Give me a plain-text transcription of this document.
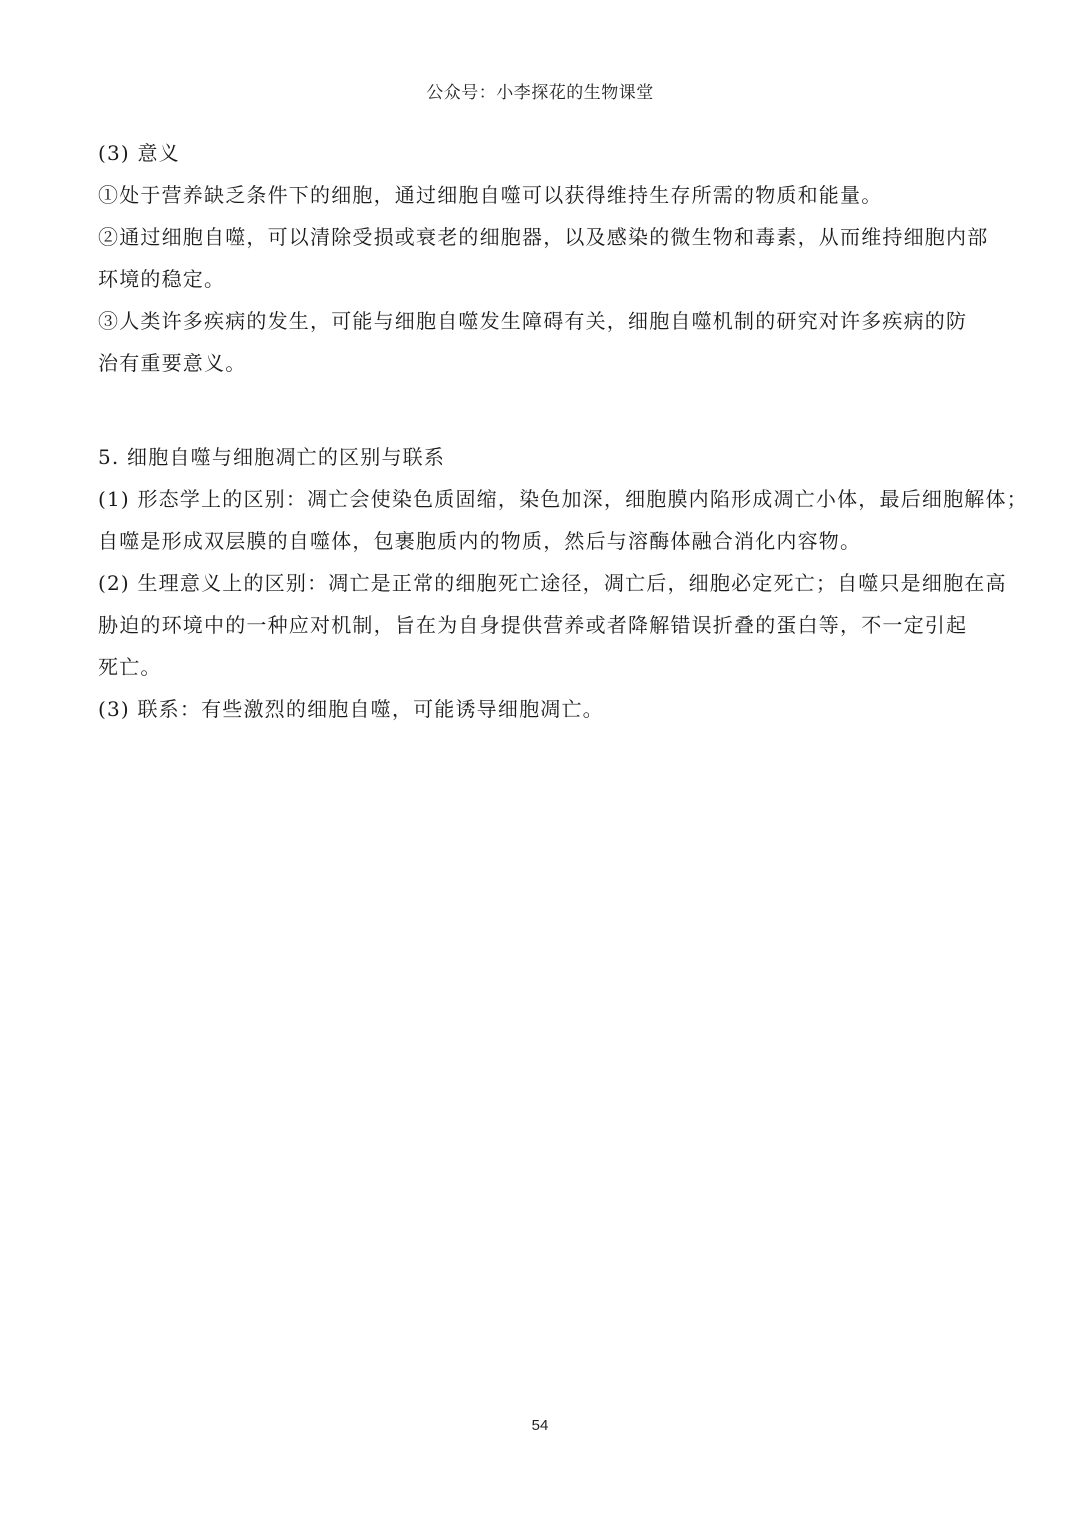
公众号：小李探花的生物课堂
(3) 意义
①处于营养缺乏条件下的细胞，通过细胞自噬可以获得维持生存所需的物质和能量。
②通过细胞自噬，可以清除受损或衰老的细胞器，以及感染的微生物和毒素，从而维持细胞内部
环境的稳定。
③人类许多疾病的发生，可能与细胞自噬发生障碍有关，细胞自噬机制的研究对许多疾病的防
治有重要意义。
5. 细胞自噬与细胞凋亡的区别与联系
(1) 形态学上的区别：凋亡会使染色质固缩，染色加深，细胞膜内陷形成凋亡小体，最后细胞解体；
自噬是形成双层膜的自噬体，包裹胞质内的物质，然后与溶酶体融合消化内容物。
(2) 生理意义上的区别：凋亡是正常的细胞死亡途径，凋亡后，细胞必定死亡；自噬只是细胞在高
胁迫的环境中的一种应对机制，旨在为自身提供营养或者降解错误折叠的蛋白等，不一定引起
死亡。
(3) 联系：有些激烈的细胞自噬，可能诱导细胞凋亡。
54
